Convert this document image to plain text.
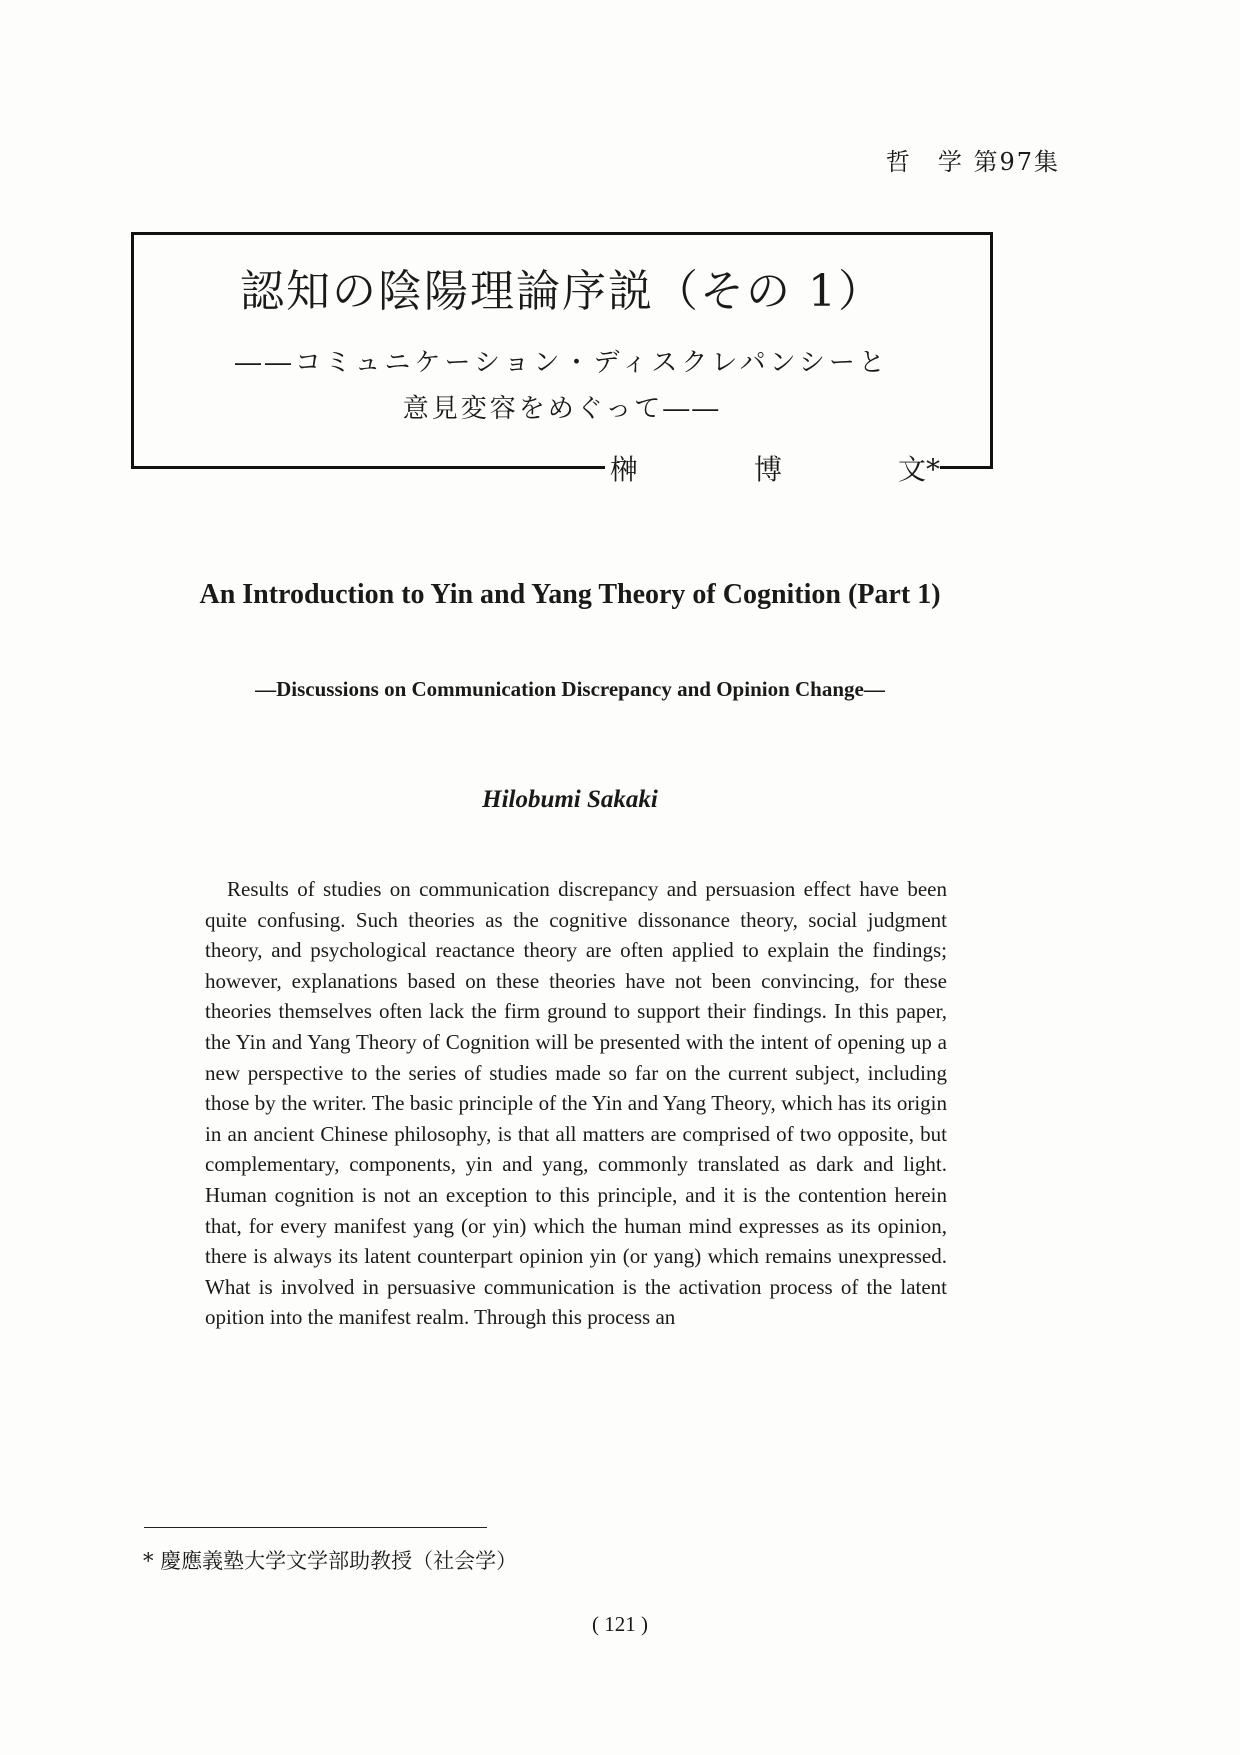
哲　学 第97集
認知の陰陽理論序説（その 1）
――コミュニケーション・ディスクレパンシーと
意見変容をめぐって――
榊	博	文*
An Introduction to Yin and Yang Theory of Cognition (Part 1)
—Discussions on Communication Discrepancy and Opinion Change—
Hilobumi Sakaki
Results of studies on communication discrepancy and persuasion effect have been quite confusing. Such theories as the cognitive dissonance theory, social judgment theory, and psychological reactance theory are often applied to explain the findings; however, explanations based on these theories have not been convincing, for these theories themselves often lack the firm ground to support their findings. In this paper, the Yin and Yang Theory of Cognition will be presented with the intent of opening up a new perspective to the series of studies made so far on the current subject, including those by the writer. The basic principle of the Yin and Yang Theory, which has its origin in an ancient Chinese philosophy, is that all matters are comprised of two opposite, but complementary, components, yin and yang, commonly translated as dark and light. Human cognition is not an exception to this principle, and it is the contention herein that, for every manifest yang (or yin) which the human mind expresses as its opinion, there is always its latent counterpart opinion yin (or yang) which remains unexpressed. What is involved in persuasive communication is the activation process of the latent opition into the manifest realm. Through this process an
* 慶應義塾大学文学部助教授（社会学）
( 121 )
